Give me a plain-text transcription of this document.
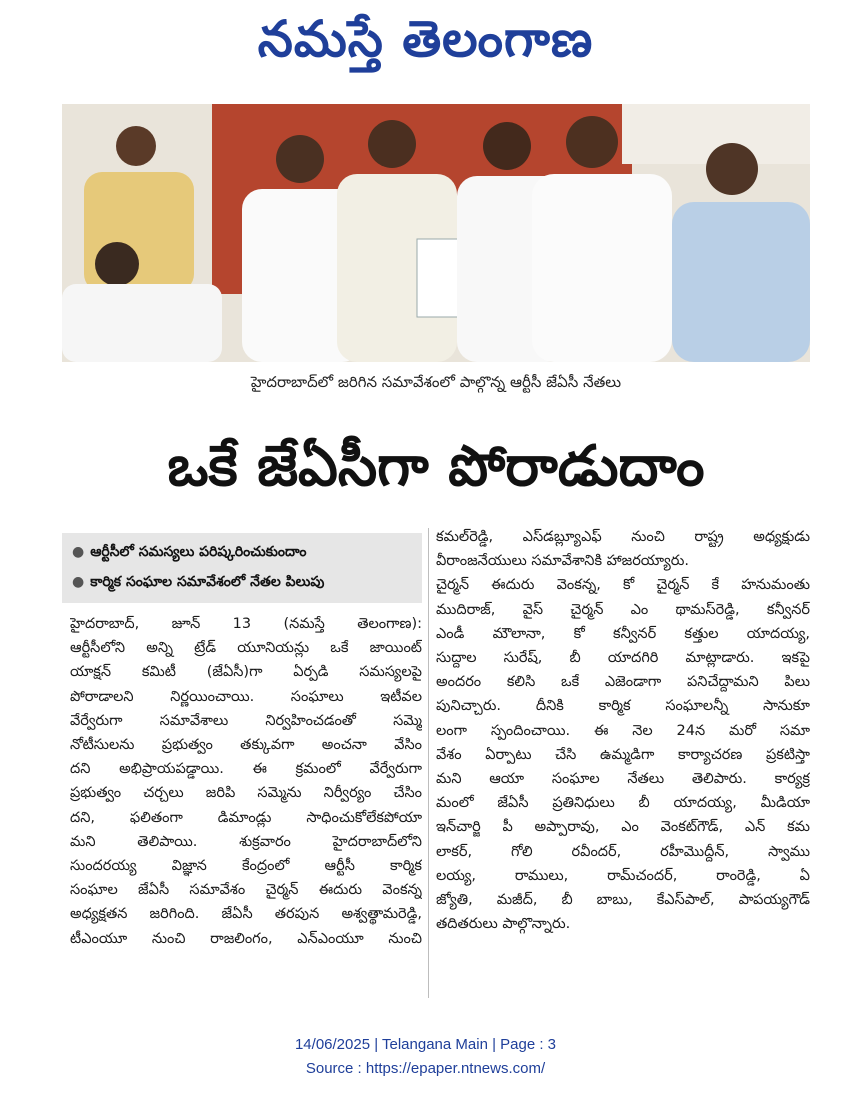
నమస్తే తెలంగాణ
హైదరాబాద్‌లో జరిగిన సమావేశంలో పాల్గొన్న ఆర్టీసీ జేఏసీ నేతలు
ఒకే జేఏసీగా పోరాడుదాం
● ఆర్టీసీలో సమస్యలు పరిష్కరించుకుందాం
● కార్మిక సంఘాల సమావేశంలో నేతల పిలుపు
హైదరాబాద్, జూన్ 13 (నమస్తే తెలంగాణ):
ఆర్టీసీలోని అన్ని ట్రేడ్ యూనియన్లు ఒకే జాయింట్
యాక్షన్ కమిటీ (జేఏసీ)గా ఏర్పడి సమస్యలపై
పోరాడాలని నిర్ణయించాయి. సంఘాలు ఇటీవల
వేర్వేరుగా సమావేశాలు నిర్వహించడంతో సమ్మె
నోటీసులను ప్రభుత్వం తక్కువగా అంచనా వేసిం
దని అభిప్రాయపడ్డాయి. ఈ క్రమంలో వేర్వేరుగా
ప్రభుత్వం చర్చలు జరిపి సమ్మెను నిర్వీర్యం చేసిం
దని, ఫలితంగా డిమాండ్లు సాధించుకోలేకపోయా
మని తెలిపాయి. శుక్రవారం హైదరాబాద్‌లోని
సుందరయ్య విజ్ఞాన కేంద్రంలో ఆర్టీసీ కార్మిక
సంఘాల జేఏసీ సమావేశం చైర్మన్ ఈదురు వెంకన్న
అధ్యక్షతన జరిగింది. జేఏసీ తరపున అశ్వత్థామరెడ్డి,
టీఎంయూ నుంచి రాజలింగం, ఎన్ఎంయూ నుంచి
కమల్‌రెడ్డి, ఎస్‌డబ్ల్యూఎఫ్ నుంచి రాష్ట్ర అధ్యక్షుడు
వీరాంజనేయులు సమావేశానికి హాజరయ్యారు.
చైర్మన్ ఈదురు వెంకన్న, కో చైర్మన్ కే హనుమంతు
ముదిరాజ్, వైస్ చైర్మన్ ఎం థామస్‌రెడ్డి, కన్వీనర్
ఎండీ మౌలానా, కో కన్వీనర్ కత్తుల యాదయ్య,
సుద్దాల సురేష్, బీ యాదగిరి మాట్లాడారు. ఇకపై
అందరం కలిసి ఒకే ఎజెండాగా పనిచేద్దామని పిలు
పునిచ్చారు. దీనికి కార్మిక సంఘాలన్నీ సానుకూ
లంగా స్పందించాయి. ఈ నెల 24న మరో సమా
వేశం ఏర్పాటు చేసి ఉమ్మడిగా కార్యాచరణ ప్రకటిస్తా
మని ఆయా సంఘాల నేతలు తెలిపారు. కార్యక్ర
మంలో జేఏసీ ప్రతినిధులు బీ యాదయ్య, మీడియా
ఇన్‌చార్జి పీ అప్పారావు, ఎం వెంకట్‌గౌడ్, ఎన్ కమ
లాకర్, గోలి రవీందర్, రహీమొద్దీన్, స్వాము
లయ్య, రాములు, రామ్‌చందర్, రాంరెడ్డి, ఏ
జ్యోతి, మజీద్, బీ బాబు, కేఎస్‌పాల్, పాపయ్యగౌడ్
తదితరులు పాల్గొన్నారు.
14/06/2025 | Telangana Main | Page : 3
Source : https://epaper.ntnews.com/
